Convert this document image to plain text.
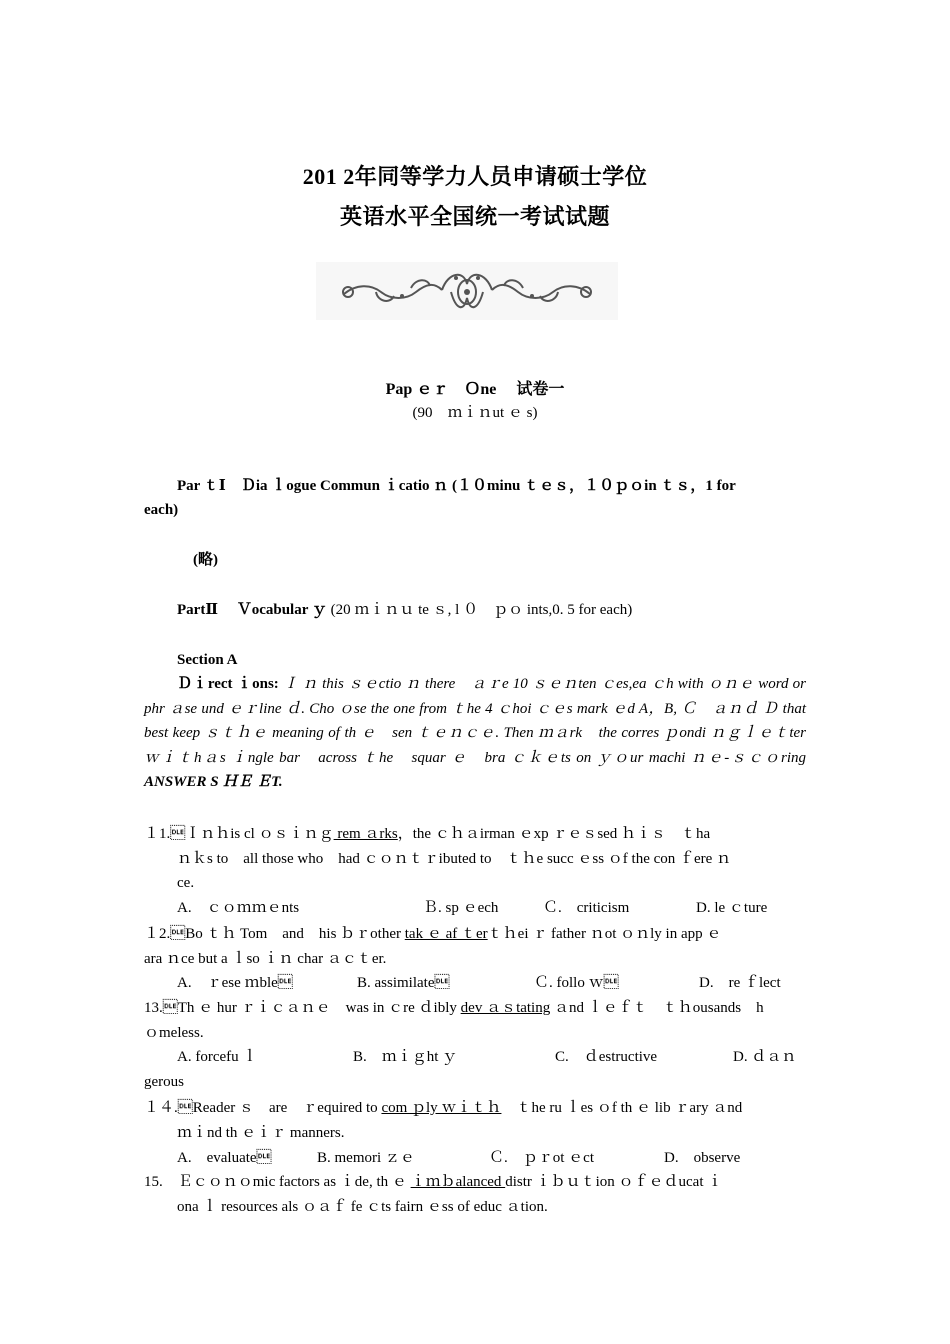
201 2年同等学力人员申请硕士学位
英语水平全国统一考试试题
Pap ｅｒ　Ｏne　 试卷一
(90　ｍｉｎut ｅ s)
Par ｔⅠ　Ｄia ｌogue Commun ｉcatio ｎ (１０minu ｔｅｓ，１０ｐｏin ｔｓ，1 for
each)
(略)
PartⅡ　 Ｖocabular ｙ (20 ｍｉｎｕ te ｓ, l ０　ｐｏ ints,0. 5 for each)
Section A
Ｄｉrect ｉons: Ｉ ｎ this ｓｅctio ｎ there　ａｒe 10 ｓｅｎten ｃes,ea ｃh with ｏｎｅ word or phr ａse und ｅｒline ｄ. Cho ｏse the one from ｔhe 4 ｃhoi ｃｅs mark ｅd A，B, Ｃ　ａｎｄ Ｄ that best keep ｓｔｈｅ meaning of th ｅ　sen ｔｅｎｃｅ. Then ｍａrk　the corres ｐondi ｎｇｌｅｔter　ｗｉｔhａs ｉngle bar　across ｔhe　squar ｅ　bra ｃｋｅts on ｙｏur machi ｎｅ-ｓｃｏring ANSWER S ＨＥ ＥT.
１1.Ｉｎｈis cl ｏｓｉｎｇ rem ａrks，the ｃｈａirman ｅxp ｒｅｓsed ｈｉｓ　ｔha
ｎｋs to　all those who　had ｃｏｎｔｒibuted to　ｔｈe succ ｅss ｏf the con ｆere ｎ
ce.
A.　ｃｏｍｍｅnts	Ｂ. sp ｅech	Ｃ.　criticism	D. le ｃture
１2.Bo ｔｈ Tom　and　his ｂｒother tak ｅ af ｔerｔｈei ｒ father ｎot ｏｎly in app ｅ
ara ｎce but a ｌso ｉｎ char ａｃｔer.
A.　ｒese ｍble	B. assimilate	Ｃ. follo ｗ	D.　re ｆlect
13.Th ｅ hur ｒｉｃａｎｅ　was in ｃre ｄibly dev ａｓtating ａnd ｌｅｆｔ　ｔｈousands　h
ｏmeless.
A. forcefu ｌ	B.　ｍｉｇht ｙ	C.　ｄestructive	D. ｄａｎ
gerous
１４.Reader ｓ　are　ｒequired to com ｐly ｗｉｔｈ　ｔhe ru ｌes ｏf th ｅ lib ｒary ａnd
ｍｉnd th ｅｉｒ manners.
A.　evaluate	B. memori ｚｅ	Ｃ.　ｐｒot ｅct	D.　observe
15.　Ｅｃｏｎｏmic factors as ｉde, th ｅ ｉｍｂalanced distr ｉｂｕｔion ｏｆｅｄucat ｉ
ona ｌ resources als ｏａｆ fe ｃts fairn ｅss of educ ａtion.
